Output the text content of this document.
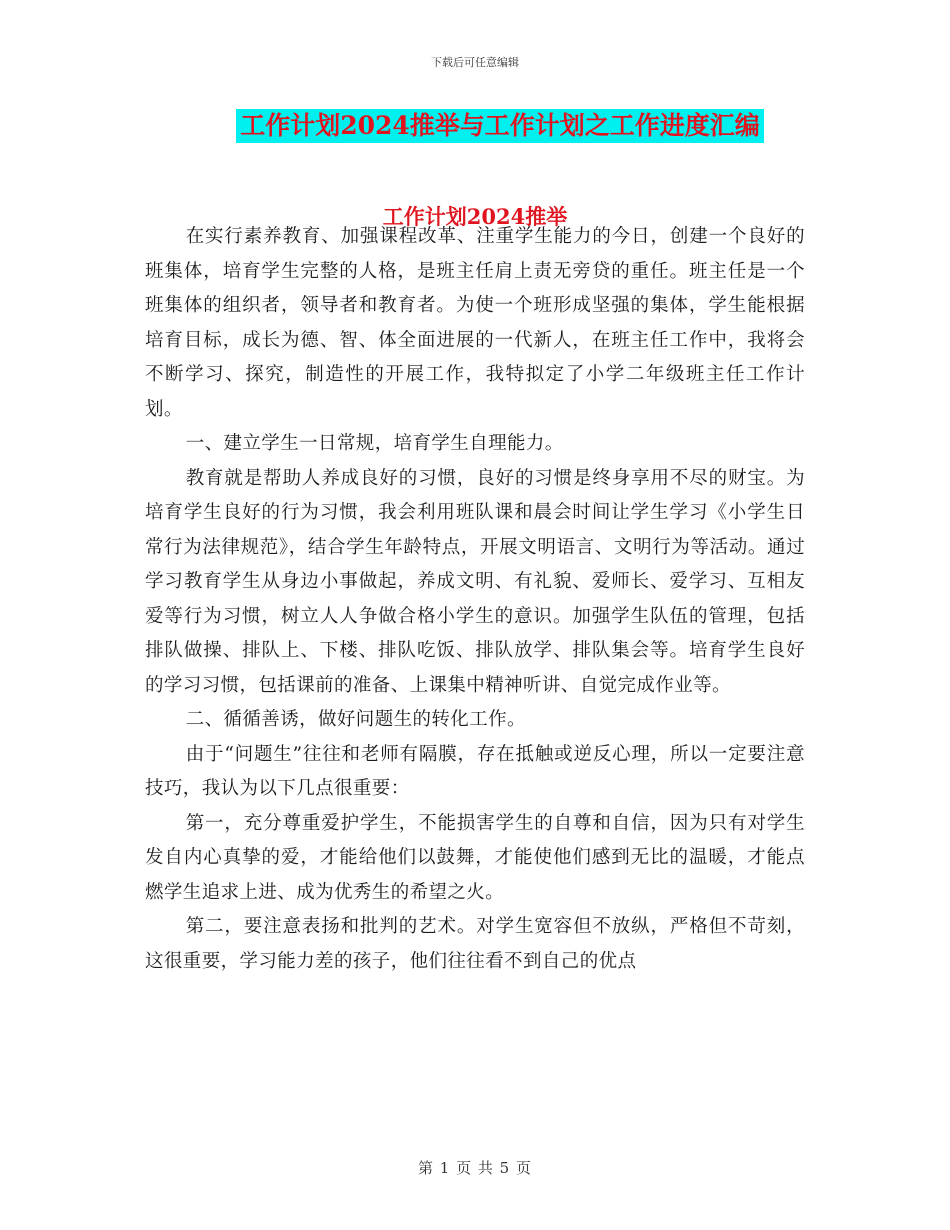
下载后可任意编辑
工作计划2024推举与工作计划之工作进度汇编
工作计划2024推举

在实行素养教育、加强课程改革、注重学生能力的今日，创建一个良好的班集体，培育学生完整的人格，是班主任肩上责无旁贷的重任。班主任是一个班集体的组织者，领导者和教育者。为使一个班形成坚强的集体，学生能根据培育目标，成长为德、智、体全面进展的一代新人，在班主任工作中，我将会不断学习、探究，制造性的开展工作，我特拟定了小学二年级班主任工作计划。

一、建立学生一日常规，培育学生自理能力。

教育就是帮助人养成良好的习惯，良好的习惯是终身享用不尽的财宝。为培育学生良好的行为习惯，我会利用班队课和晨会时间让学生学习《小学生日常行为法律规范》，结合学生年龄特点，开展文明语言、文明行为等活动。通过学习教育学生从身边小事做起，养成文明、有礼貌、爱师长、爱学习、互相友爱等行为习惯，树立人人争做合格小学生的意识。加强学生队伍的管理，包括排队做操、排队上、下楼、排队吃饭、排队放学、排队集会等。培育学生良好的学习习惯，包括课前的准备、上课集中精神听讲、自觉完成作业等。

二、循循善诱，做好问题生的转化工作。

由于“问题生”往往和老师有隔膜，存在抵触或逆反心理，所以一定要注意技巧，我认为以下几点很重要：

第一，充分尊重爱护学生，不能损害学生的自尊和自信，因为只有对学生发自内心真挚的爱，才能给他们以鼓舞，才能使他们感到无比的温暖，才能点燃学生追求上进、成为优秀生的希望之火。

第二，要注意表扬和批判的艺术。对学生宽容但不放纵，严格但不苛刻，这很重要，学习能力差的孩子，他们往往看不到自己的优点

第 1 页 共 5 页
